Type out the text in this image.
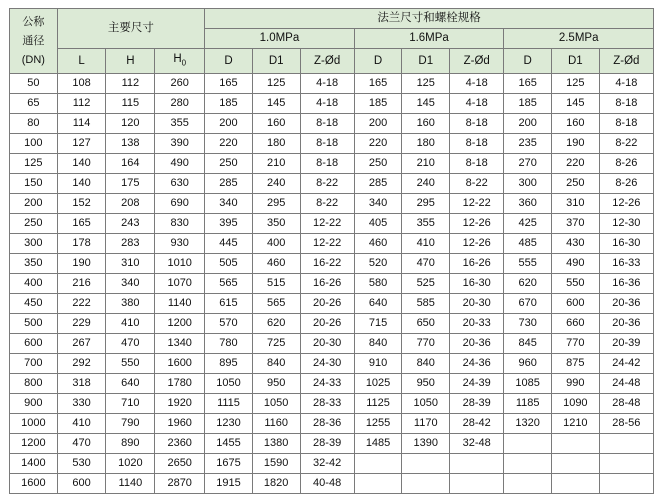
公称
通径
(DN)	主要尺寸			法兰尺寸和螺栓规格								
				1.0MPa			1.6MPa			2.5MPa		
	L	H	$H_0$	D	D1	Z-Ød	D	D1	Z-Ød	D	D1	Z-Ød
50	108	112	260	165	125	4-18	165	125	4-18	165	125	4-18
65	112	115	280	185	145	4-18	185	145	4-18	185	145	8-18
80	114	120	355	200	160	8-18	200	160	8-18	200	160	8-18
100	127	138	390	220	180	8-18	220	180	8-18	235	190	8-22
125	140	164	490	250	210	8-18	250	210	8-18	270	220	8-26
150	140	175	630	285	240	8-22	285	240	8-22	300	250	8-26
200	152	208	690	340	295	8-22	340	295	12-22	360	310	12-26
250	165	243	830	395	350	12-22	405	355	12-26	425	370	12-30
300	178	283	930	445	400	12-22	460	410	12-26	485	430	16-30
350	190	310	1010	505	460	16-22	520	470	16-26	555	490	16-33
400	216	340	1070	565	515	16-26	580	525	16-30	620	550	16-36
450	222	380	1140	615	565	20-26	640	585	20-30	670	600	20-36
500	229	410	1200	570	620	20-26	715	650	20-33	730	660	20-36
600	267	470	1340	780	725	20-30	840	770	20-36	845	770	20-39
700	292	550	1600	895	840	24-30	910	840	24-36	960	875	24-42
800	318	640	1780	1050	950	24-33	1025	950	24-39	1085	990	24-48
900	330	710	1920	1115	1050	28-33	1125	1050	28-39	1185	1090	28-48
1000	410	790	1960	1230	1160	28-36	1255	1170	28-42	1320	1210	28-56
1200	470	890	2360	1455	1380	28-39	1485	1390	32-48			
1400	530	1020	2650	1675	1590	32-42						
1600	600	1140	2870	1915	1820	40-48						
